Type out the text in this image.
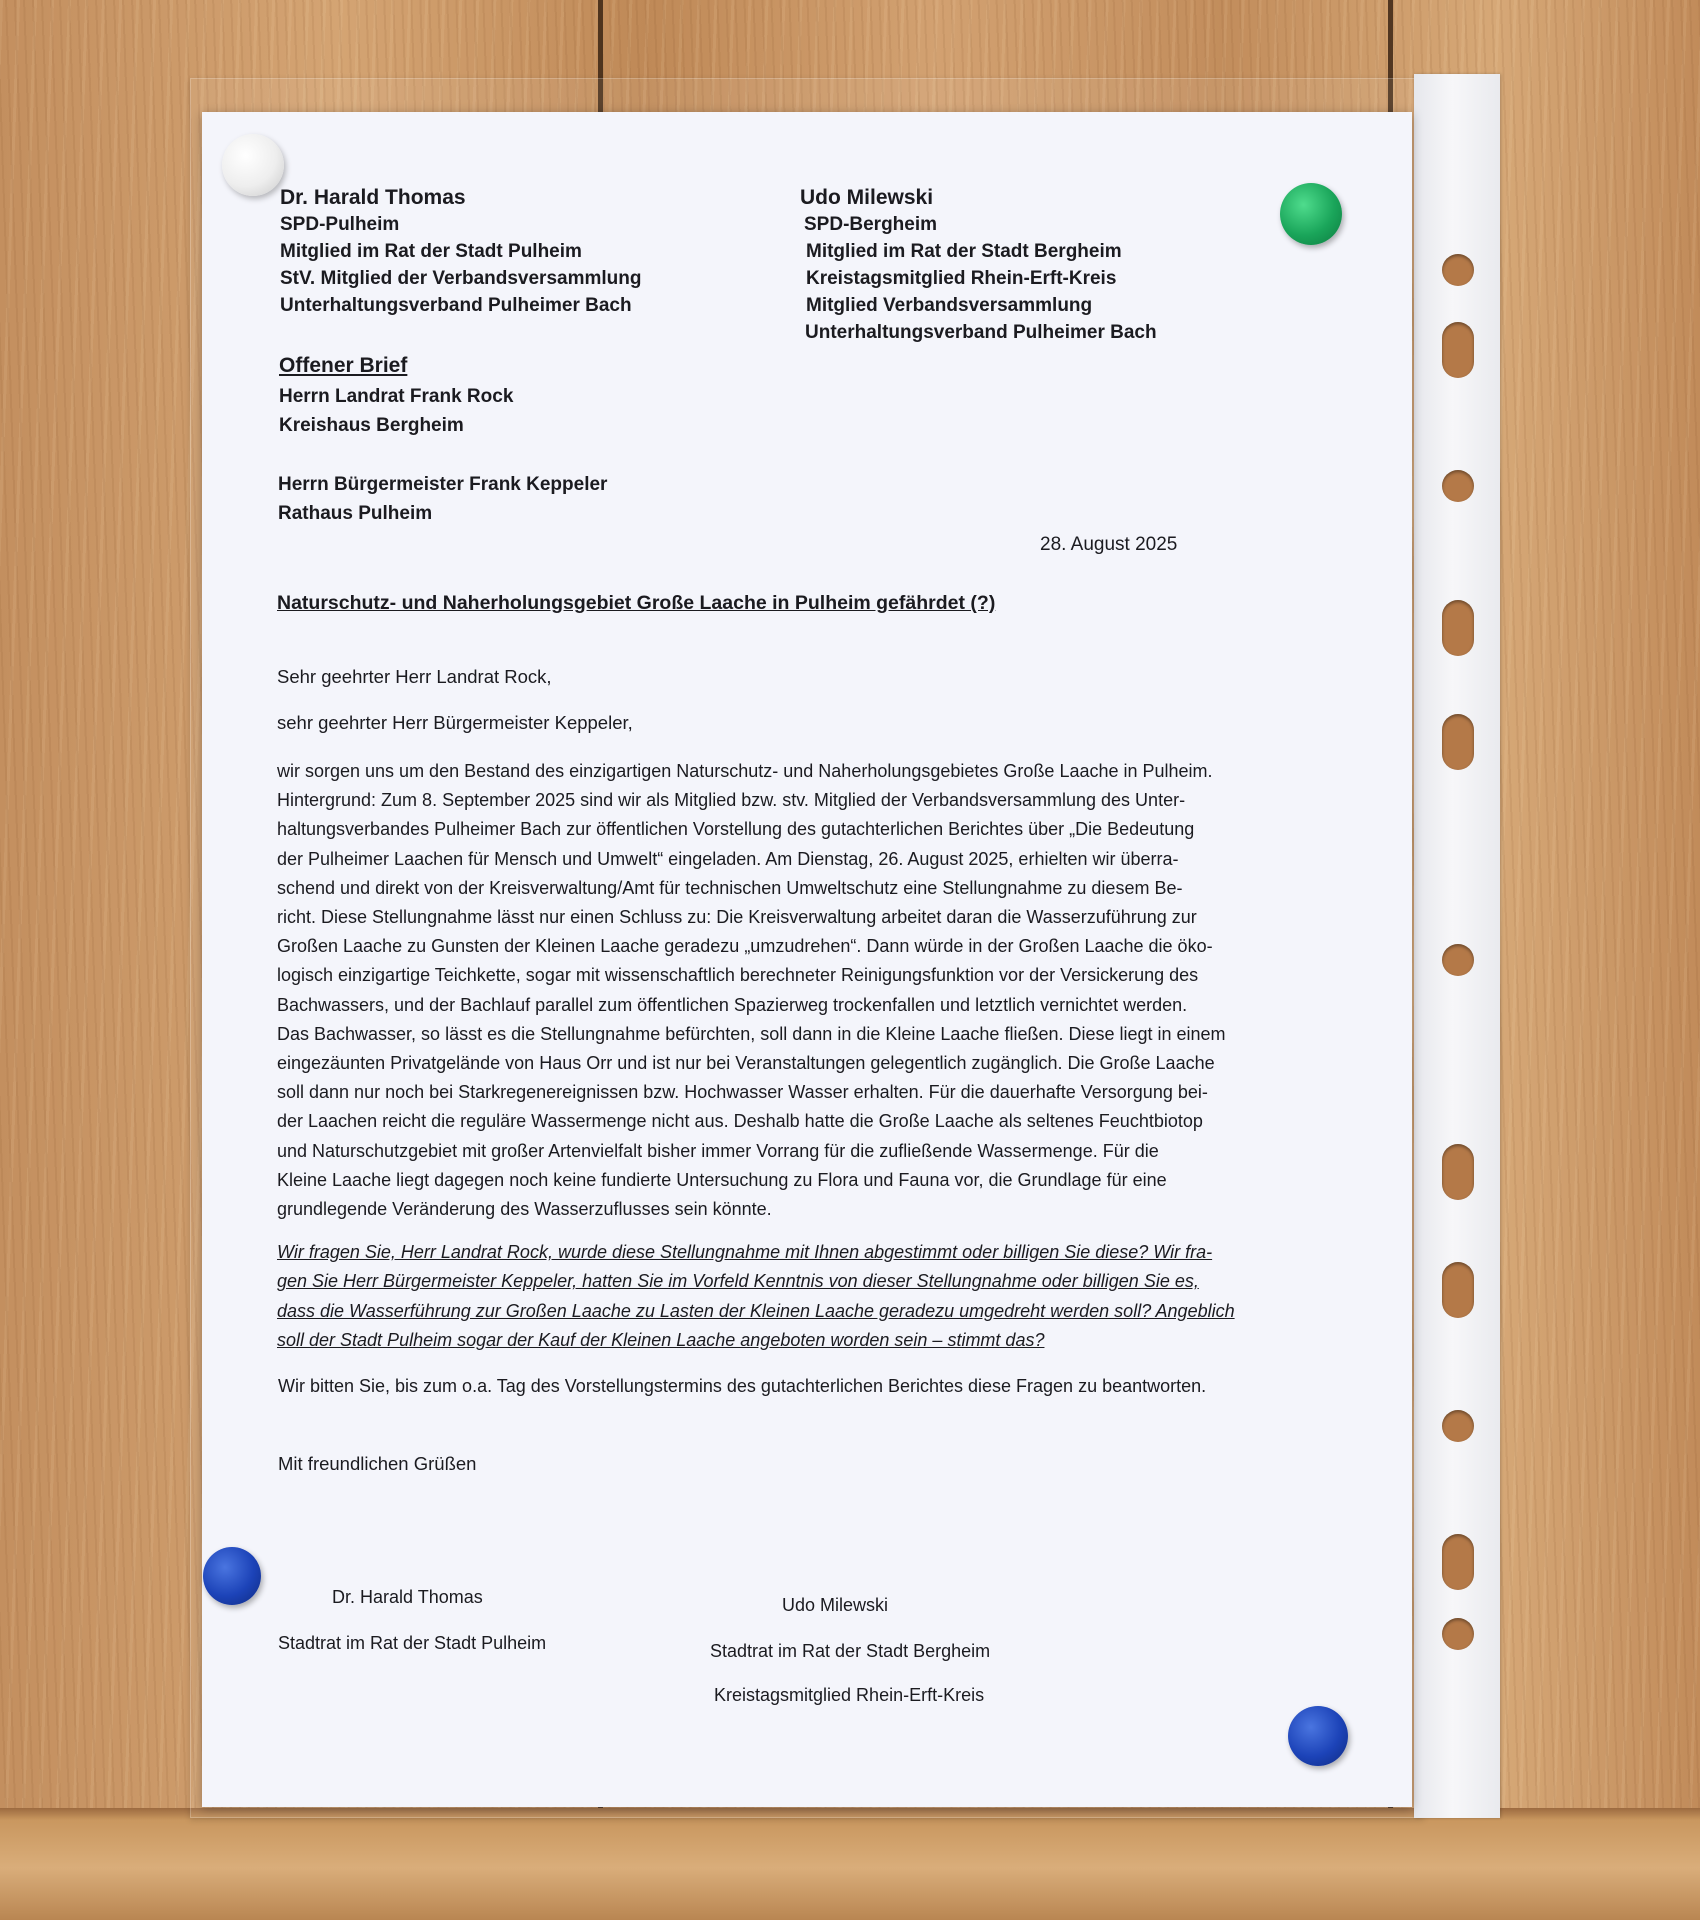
Dr. Harald Thomas
SPD-Pulheim
Mitglied im Rat der Stadt Pulheim
StV. Mitglied der Verbandsversammlung
Unterhaltungsverband Pulheimer Bach
Udo Milewski
SPD-Bergheim
Mitglied im Rat der Stadt Bergheim
Kreistagsmitglied Rhein-Erft-Kreis
Mitglied Verbandsversammlung
Unterhaltungsverband Pulheimer Bach
Offener Brief
Herrn Landrat Frank Rock
Kreishaus Bergheim
Herrn Bürgermeister Frank Keppeler
Rathaus Pulheim
28. August 2025
Naturschutz- und Naherholungsgebiet Große Laache in Pulheim gefährdet (?)
Sehr geehrter Herr Landrat Rock,
sehr geehrter Herr Bürgermeister Keppeler,
wir sorgen uns um den Bestand des einzigartigen Naturschutz- und Naherholungsgebietes Große Laache in Pulheim.
Hintergrund: Zum 8. September 2025 sind wir als Mitglied bzw. stv. Mitglied der Verbandsversammlung des Unter-
haltungsverbandes Pulheimer Bach zur öffentlichen Vorstellung des gutachterlichen Berichtes über „Die Bedeutung
der Pulheimer Laachen für Mensch und Umwelt“ eingeladen. Am Dienstag, 26. August 2025, erhielten wir überra-
schend und direkt von der Kreisverwaltung/Amt für technischen Umweltschutz eine Stellungnahme zu diesem Be-
richt. Diese Stellungnahme lässt nur einen Schluss zu: Die Kreisverwaltung arbeitet daran die Wasserzuführung zur
Großen Laache zu Gunsten der Kleinen Laache geradezu „umzudrehen“. Dann würde in der Großen Laache die öko-
logisch einzigartige Teichkette, sogar mit wissenschaftlich berechneter Reinigungsfunktion vor der Versickerung des
Bachwassers, und der Bachlauf parallel zum öffentlichen Spazierweg trockenfallen und letztlich vernichtet werden.
Das Bachwasser, so lässt es die Stellungnahme befürchten, soll dann in die Kleine Laache fließen. Diese liegt in einem
eingezäunten Privatgelände von Haus Orr und ist nur bei Veranstaltungen gelegentlich zugänglich. Die Große Laache
soll dann nur noch bei Starkregenereignissen bzw. Hochwasser Wasser erhalten. Für die dauerhafte Versorgung bei-
der Laachen reicht die reguläre Wassermenge nicht aus. Deshalb hatte die Große Laache als seltenes Feuchtbiotop
und Naturschutzgebiet mit großer Artenvielfalt bisher immer Vorrang für die zufließende Wassermenge. Für die
Kleine Laache liegt dagegen noch keine fundierte Untersuchung zu Flora und Fauna vor, die Grundlage für eine
grundlegende Veränderung des Wasserzuflusses sein könnte.
Wir fragen Sie, Herr Landrat Rock, wurde diese Stellungnahme mit Ihnen abgestimmt oder billigen Sie diese? Wir fra-
gen Sie Herr Bürgermeister Keppeler, hatten Sie im Vorfeld Kenntnis von dieser Stellungnahme oder billigen Sie es,
dass die Wasserführung zur Großen Laache zu Lasten der Kleinen Laache geradezu umgedreht werden soll? Angeblich
soll der Stadt Pulheim sogar der Kauf der Kleinen Laache angeboten worden sein – stimmt das?
Wir bitten Sie, bis zum o.a. Tag des Vorstellungstermins des gutachterlichen Berichtes diese Fragen zu beantworten.
Mit freundlichen Grüßen
Dr. Harald Thomas
Stadtrat im Rat der Stadt Pulheim
Udo Milewski
Stadtrat im Rat der Stadt Bergheim
Kreistagsmitglied Rhein-Erft-Kreis
